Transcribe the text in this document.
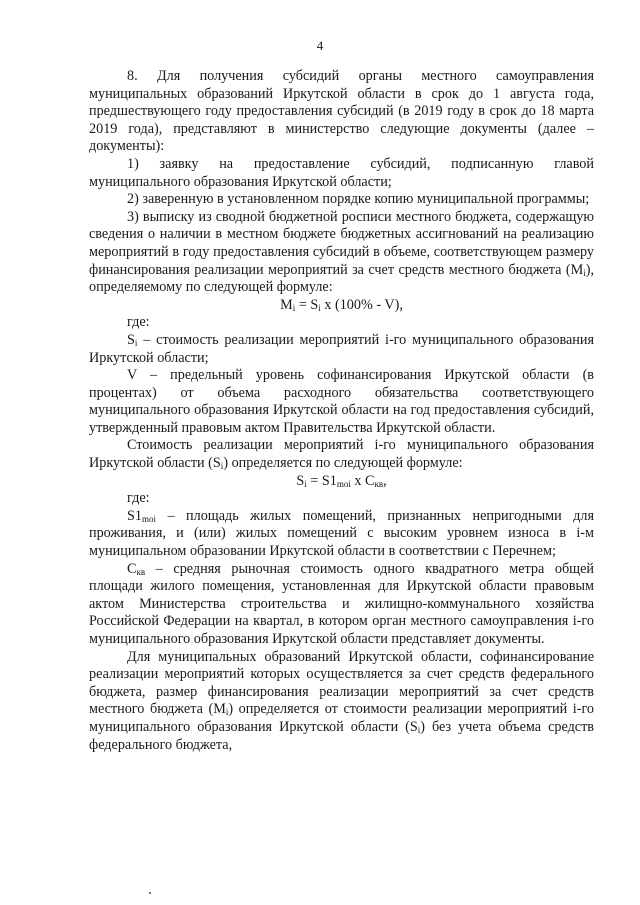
4

8. Для получения субсидий органы местного самоуправления муниципальных образований Иркутской области в срок до 1 августа года, предшествующего году предоставления субсидий (в 2019 году в срок до 18 марта 2019 года), представляют в министерство следующие документы (далее – документы):

1) заявку на предоставление субсидий, подписанную главой муниципального образования Иркутской области;

2) заверенную в установленном порядке копию муниципальной программы;

3) выписку из сводной бюджетной росписи местного бюджета, содержащую сведения о наличии в местном бюджете бюджетных ассигнований на реализацию мероприятий в году предоставления субсидий в объеме, соответствующем размеру финансирования реализации мероприятий за счет средств местного бюджета $(M_i)$, определяемому по следующей формуле:

$M_i = S_i$ x (100% - V),

где:

$S_i$ – стоимость реализации мероприятий i-го муниципального образования Иркутской области;

V – предельный уровень софинансирования Иркутской области (в процентах) от объема расходного обязательства соответствующего муниципального образования Иркутской области на год предоставления субсидий, утвержденный правовым актом Правительства Иркутской области.

Стоимость реализации мероприятий i-го муниципального образования Иркутской области $(S_i)$ определяется по следующей формуле:

$S_i = S1_{moi}$ x $C_{кв}$,

где:

$S1_{moi}$ – площадь жилых помещений, признанных непригодными для проживания, и (или) жилых помещений с высоким уровнем износа в i-м муниципальном образовании Иркутской области в соответствии с Перечнем;

$C_{кв}$ – средняя рыночная стоимость одного квадратного метра общей площади жилого помещения, установленная для Иркутской области правовым актом Министерства строительства и жилищно-коммунального хозяйства Российской Федерации на квартал, в котором орган местного самоуправления i-го муниципального образования Иркутской области представляет документы.

Для муниципальных образований Иркутской области, софинансирование реализации мероприятий которых осуществляется за счет средств федерального бюджета, размер финансирования реализации мероприятий за счет средств местного бюджета $(M_i)$ определяется от стоимости реализации мероприятий i-го муниципального образования Иркутской области $(S_i)$ без учета объема средств федерального бюджета,
